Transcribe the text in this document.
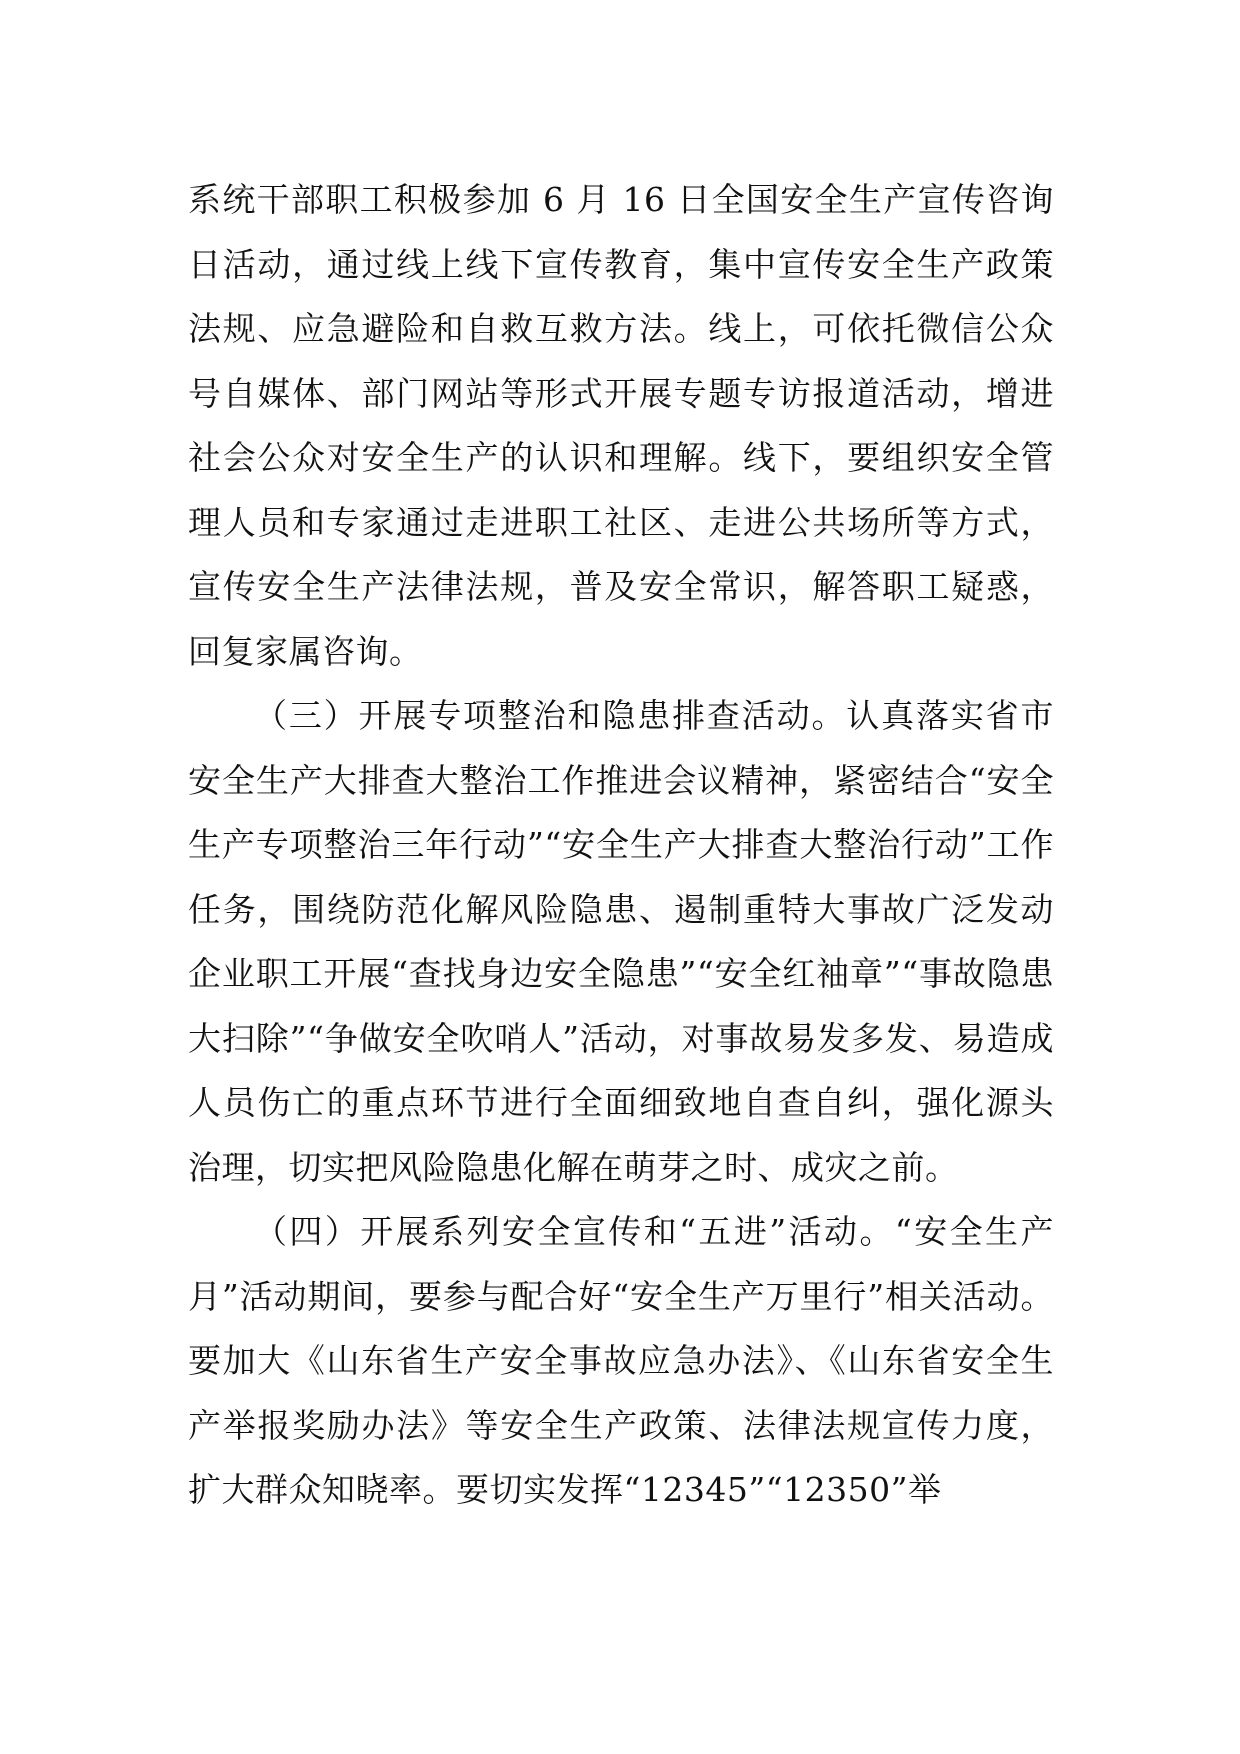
系统干部职工积极参加 6 月 16 日全国安全生产宣传咨询日活动，通过线上线下宣传教育，集中宣传安全生产政策法规、应急避险和自救互救方法。线上，可依托微信公众号自媒体、部门网站等形式开展专题专访报道活动，增进社会公众对安全生产的认识和理解。线下，要组织安全管理人员和专家通过走进职工社区、走进公共场所等方式，宣传安全生产法律法规，普及安全常识，解答职工疑惑，回复家属咨询。

（三）开展专项整治和隐患排查活动。认真落实省市安全生产大排查大整治工作推进会议精神，紧密结合“安全生产专项整治三年行动”“安全生产大排查大整治行动”工作任务，围绕防范化解风险隐患、遏制重特大事故广泛发动企业职工开展“查找身边安全隐患”“安全红袖章”“事故隐患大扫除”“争做安全吹哨人”活动，对事故易发多发、易造成人员伤亡的重点环节进行全面细致地自查自纠，强化源头治理，切实把风险隐患化解在萌芽之时、成灾之前。

（四）开展系列安全宣传和“五进”活动。“安全生产月”活动期间，要参与配合好“安全生产万里行”相关活动。要加大《山东省生产安全事故应急办法》、《山东省安全生产举报奖励办法》等安全生产政策、法律法规宣传力度，扩大群众知晓率。要切实发挥“12345”“12350”举
